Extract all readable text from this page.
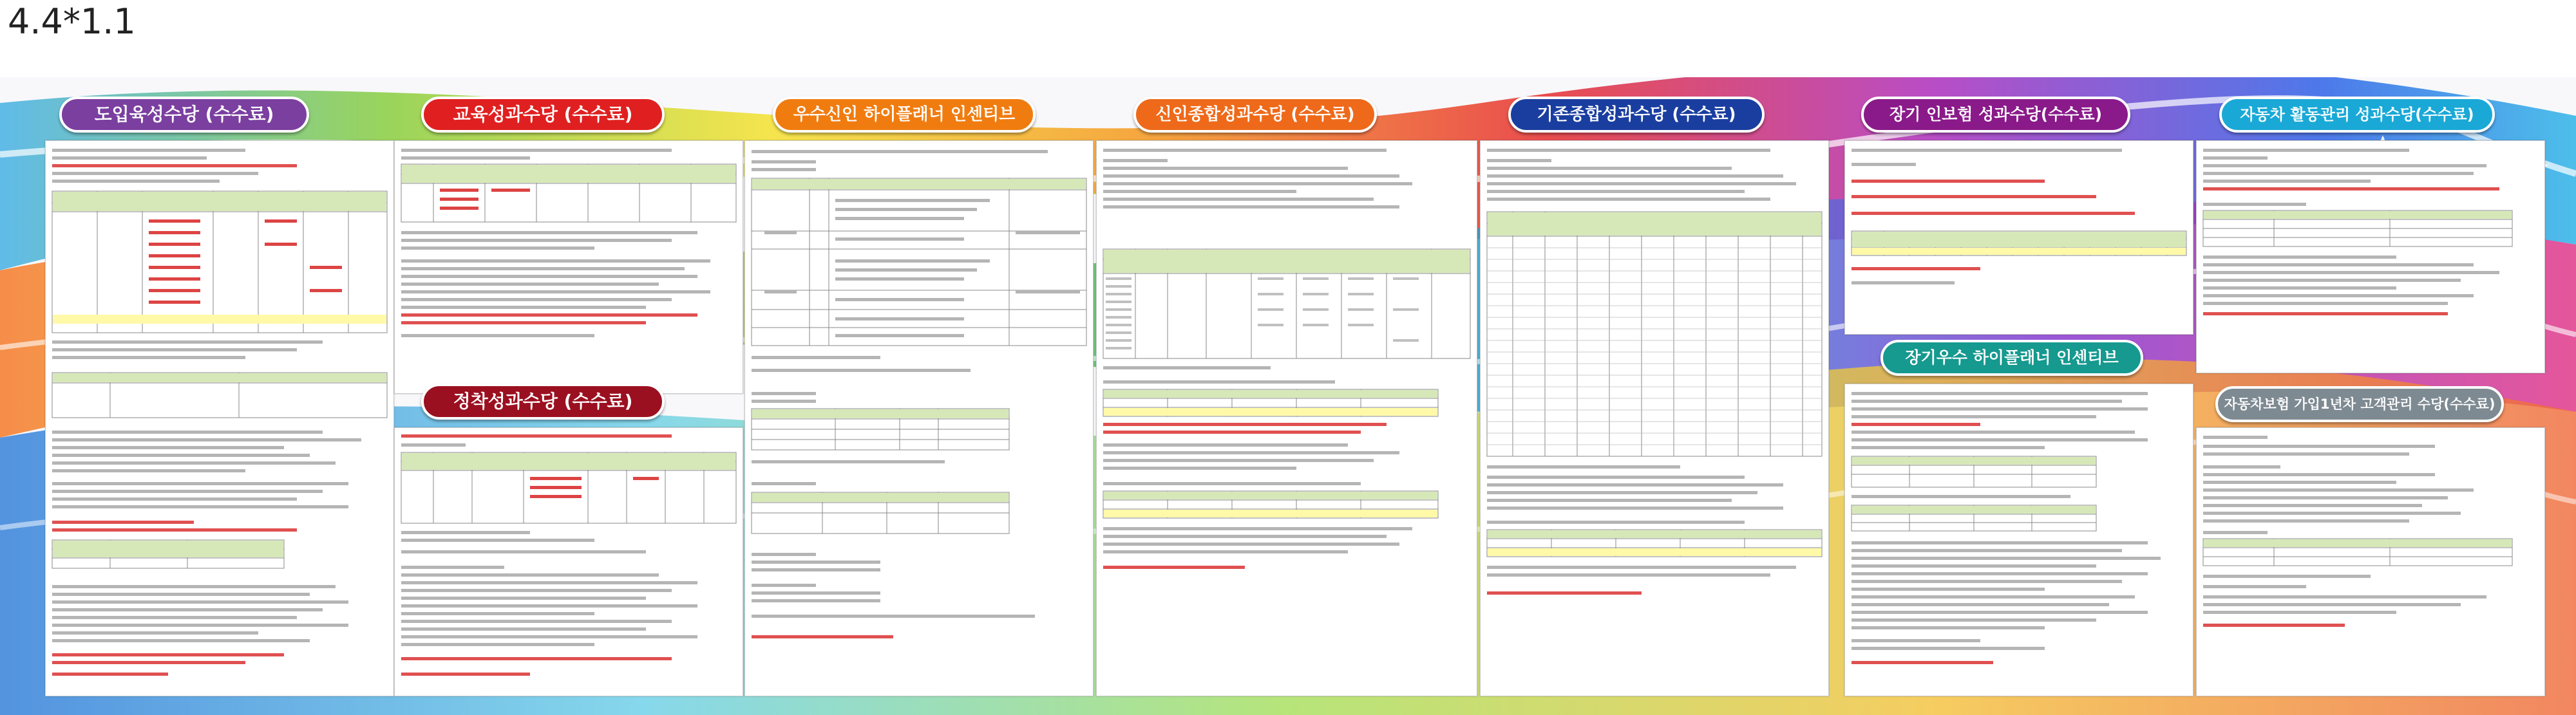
4.4*1.1
도입육성수당 (수수료)	교육성과수당 (수수료)
정착성과수당 (수수료)
우수신인 하이플래너 인센티브	신인종합성과수당 (수수료)	기존종합성과수당 (수수료)	장기 인보험 성과수당(수수료)
장기우수 하이플래너 인센티브
자동차 활동관리 성과수당(수수료)
자동차보험 가입1년차 고객관리 수당(수수료)
